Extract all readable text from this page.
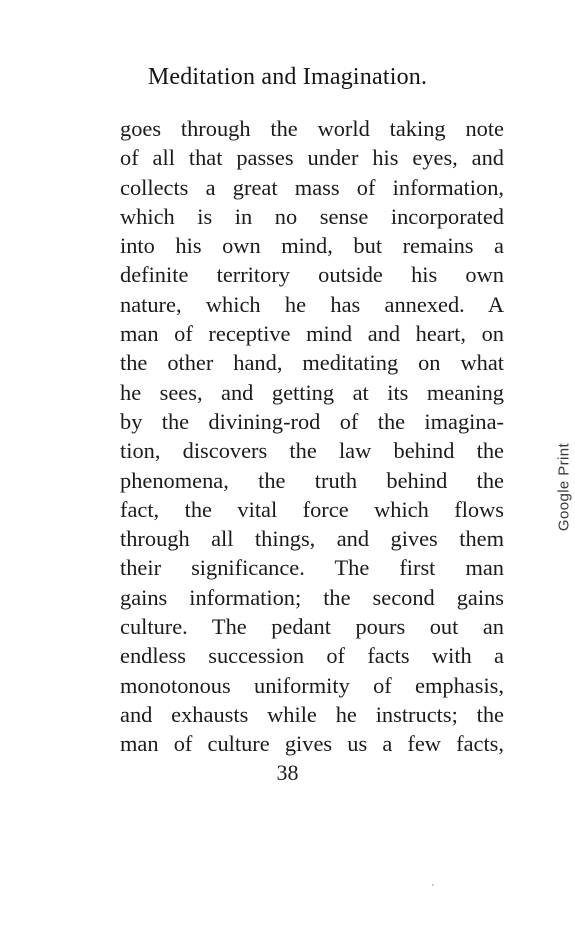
Meditation and Imagination.
goes through the world taking note
of all that passes under his eyes, and
collects a great mass of information,
which is in no sense incorporated
into his own mind, but remains a
definite territory outside his own
nature, which he has annexed. A
man of receptive mind and heart, on
the other hand, meditating on what
he sees, and getting at its meaning
by the divining-rod of the imagina-
tion, discovers the law behind the
phenomena, the truth behind the
fact, the vital force which flows
through all things, and gives them
their significance. The first man
gains information; the second gains
culture. The pedant pours out an
endless succession of facts with a
monotonous uniformity of emphasis,
and exhausts while he instructs; the
man of culture gives us a few facts,
38
Google Print
